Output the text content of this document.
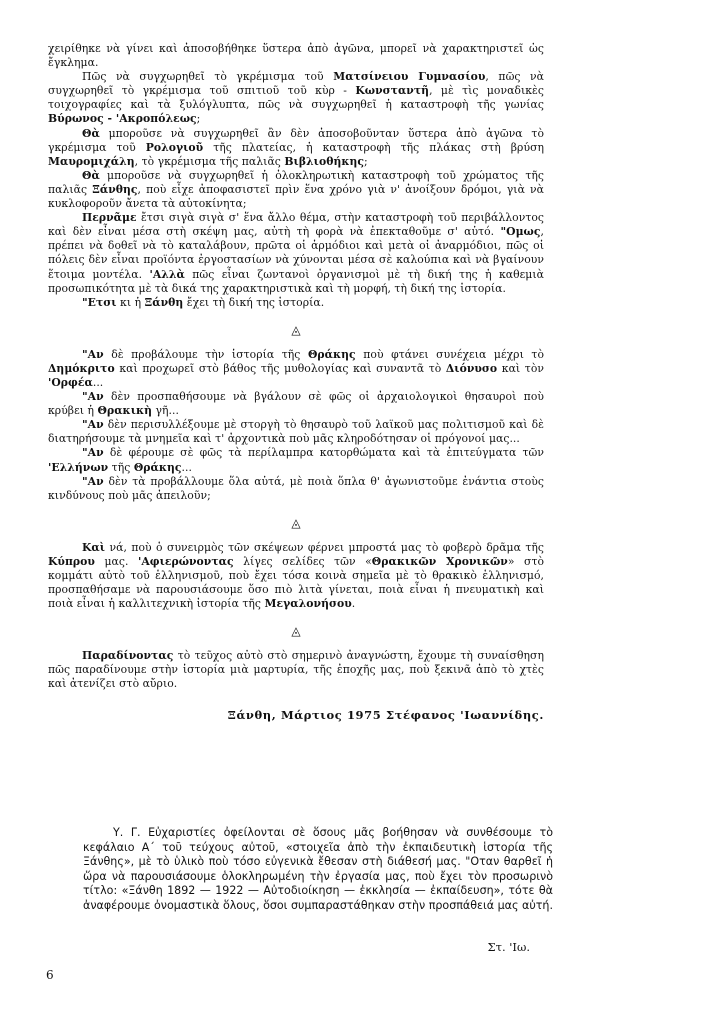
χειρίθηκε νὰ γίνει καὶ ἀποσοβήθηκε ὕστερα ἀπὸ ἀγῶνα, μπορεῖ νὰ χαρακτηριστεῖ ὡς ἔγκλημα.

Πῶς νὰ συγχωρηθεῖ τὸ γκρέμισμα τοῦ Ματσίνειου Γυμνασίου, πῶς νὰ συγχωρηθεῖ τὸ γκρέμισμα τοῦ σπιτιοῦ τοῦ κὺρ - Κωνσταντῆ, μὲ τὶς μοναδικὲς τοιχογραφίες καὶ τὰ ξυλόγλυπτα, πῶς νὰ συγχωρηθεῖ ἡ καταστροφὴ τῆς γωνίας Βύρωνος - 'Ακροπόλεως;

Θὰ μποροῦσε νὰ συγχωρηθεῖ ἂν δὲν ἀποσοβοῦνταν ὕστερα ἀπὸ ἀγῶνα τὸ γκρέμισμα τοῦ Ρολογιοῦ τῆς πλατείας, ἡ καταστροφὴ τῆς πλάκας στὴ βρύση Μαυρομιχάλη, τὸ γκρέμισμα τῆς παλιᾶς Βιβλιοθήκης;

Θὰ μποροῦσε νὰ συγχωρηθεῖ ἡ ὁλοκληρωτικὴ καταστροφὴ τοῦ χρώματος τῆς παλιᾶς Ξάνθης, ποὺ εἶχε ἀποφασιστεῖ πρὶν ἕνα χρόνο γιὰ ν' ἀνοίξουν δρόμοι, γιὰ νὰ κυκλοφοροῦν ἄνετα τὰ αὐτοκίνητα;

Περνᾶμε ἔτσι σιγὰ σιγὰ σ' ἕνα ἄλλο θέμα, στὴν καταστροφὴ τοῦ περιβάλλοντος καὶ δὲν εἶναι μέσα στὴ σκέψη μας, αὐτὴ τὴ φορὰ νὰ ἐπεκταθοῦμε σ' αὐτό. "Ομως, πρέπει νὰ δοθεῖ νὰ τὸ καταλάβουν, πρῶτα οἱ ἁρμόδιοι καὶ μετὰ οἱ ἀναρμόδιοι, πῶς οἱ πόλεις δὲν εἶναι προϊόντα ἐργοστασίων νὰ χύνονται μέσα σὲ καλούπια καὶ νὰ βγαίνουν ἕτοιμα μοντέλα. 'Αλλὰ πῶς εἶναι ζωντανοὶ ὀργανισμοὶ μὲ τὴ δική της ἡ καθεμιὰ προσωπικότητα μὲ τὰ δικά της χαρακτηριστικὰ καὶ τὴ μορφή, τὴ δική της ἱστορία.

"Ετσι κι ἡ Ξάνθη ἔχει τὴ δική της ἱστορία.

◬

"Αν δὲ προβάλουμε τὴν ἱστορία τῆς Θράκης ποὺ φτάνει συνέχεια μέχρι τὸ Δημόκριτο καὶ προχωρεῖ στὸ βάθος τῆς μυθολογίας καὶ συναντᾶ τὸ Διόνυσο καὶ τὸν 'Ορφέα...

"Αν δὲν προσπαθήσουμε νὰ βγάλουν σὲ φῶς οἱ ἀρχαιολογικοὶ θησαυροὶ ποὺ κρύβει ἡ Θρακικὴ γῆ...

"Αν δὲν περισυλλέξουμε μὲ στοργὴ τὸ θησαυρὸ τοῦ λαϊκοῦ μας πολιτισμοῦ καὶ δὲ διατηρήσουμε τὰ μνημεῖα καὶ τ' ἀρχοντικὰ ποὺ μᾶς κληροδότησαν οἱ πρόγονοί μας...

"Αν δὲ φέρουμε σὲ φῶς τὰ περίλαμπρα κατορθώματα καὶ τὰ ἐπιτεύγματα τῶν 'Ελλήνων τῆς Θράκης...

"Αν δὲν τὰ προβάλλουμε ὅλα αὐτά, μὲ ποιὰ ὅπλα θ' ἀγωνιστοῦμε ἐνάντια στοὺς κινδύνους ποὺ μᾶς ἀπειλοῦν;

◬

Καὶ νά, ποὺ ὁ συνειρμὸς τῶν σκέψεων φέρνει μπροστά μας τὸ φοβερὸ δρᾶμα τῆς Κύπρου μας. 'Αφιερώνοντας λίγες σελίδες τῶν «Θρακικῶν Χρονικῶν» στὸ κομμάτι αὐτὸ τοῦ ἑλληνισμοῦ, ποὺ ἔχει τόσα κοινὰ σημεῖα μὲ τὸ θρακικὸ ἑλληνισμό, προσπαθήσαμε νὰ παρουσιάσουμε ὅσο πιὸ λιτὰ γίνεται, ποιὰ εἶναι ἡ πνευματικὴ καὶ ποιὰ εἶναι ἡ καλλιτεχνικὴ ἱστορία τῆς Μεγαλονήσου.

◬

Παραδίνοντας τὸ τεῦχος αὐτὸ στὸ σημερινὸ ἀναγνώστη, ἔχουμε τὴ συναίσθηση πῶς παραδίνουμε στὴν ἱστορία μιὰ μαρτυρία, τῆς ἐποχῆς μας, ποὺ ξεκινᾶ ἀπὸ τὸ χτὲς καὶ ἀτενίζει στὸ αὔριο.

Ξάνθη, Μάρτιος 1975 Στέφανος 'Ιωαννίδης.

Υ. Γ. Εὐχαριστίες ὀφείλονται σὲ ὅσους μᾶς βοήθησαν νὰ συνθέσουμε τὸ κεφάλαιο Α´ τοῦ τεύχους αὐτοῦ, «στοιχεῖα ἀπὸ τὴν ἐκπαιδευτικὴ ἱστορία τῆς Ξάνθης», μὲ τὸ ὑλικὸ ποὺ τόσο εὐγενικὰ ἔθεσαν στὴ διάθεσή μας. "Οταν θαρθεῖ ἡ ὥρα νὰ παρουσιάσουμε ὁλοκληρωμένη τὴν ἐργασία μας, ποὺ ἔχει τὸν προσωρινὸ τίτλο: «Ξάνθη 1892 — 1922 — Αὐτοδιοίκηση — ἐκκλησία — ἐκπαίδευση», τότε θὰ ἀναφέρουμε ὀνομαστικὰ ὅλους, ὅσοι συμπαραστάθηκαν στὴν προσπάθειά μας αὐτή.

Στ. 'Ιω.
6
